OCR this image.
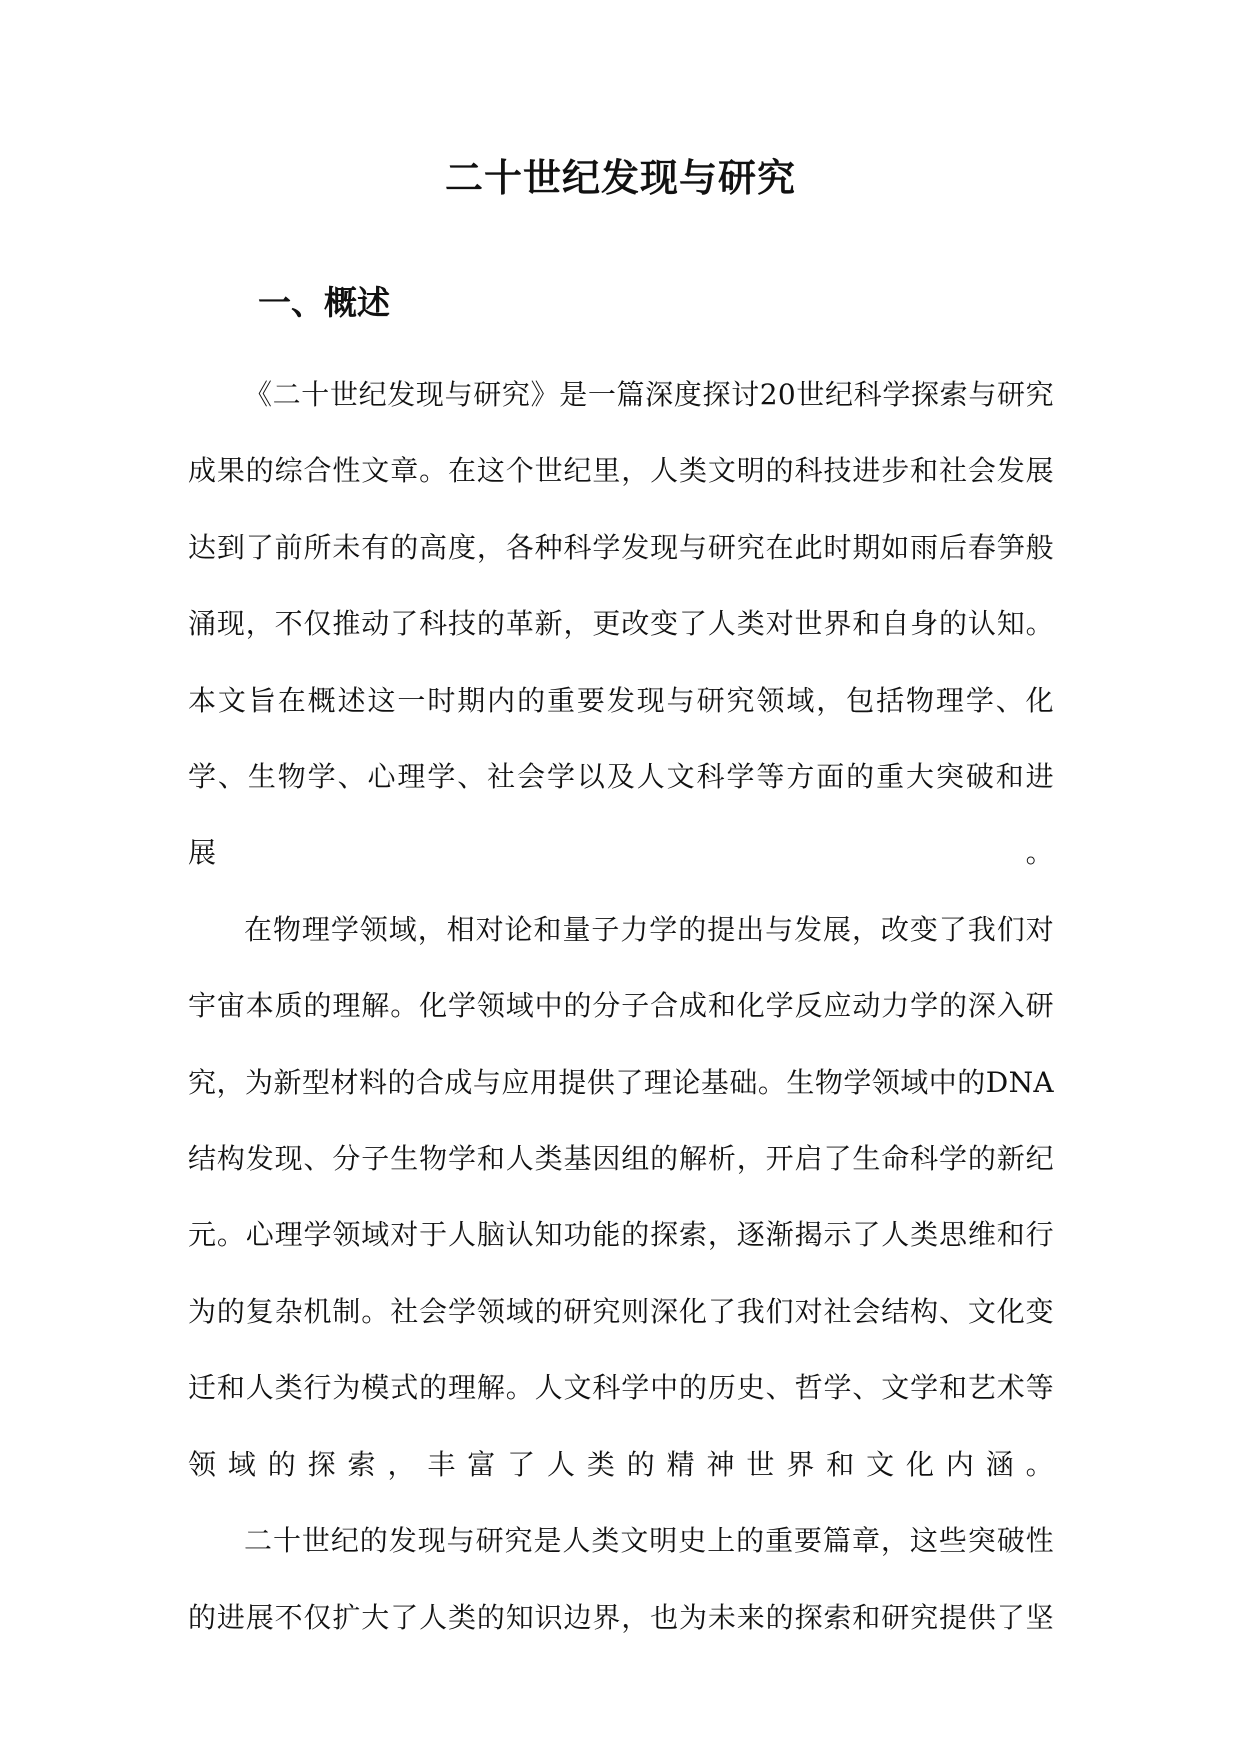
二十世纪发现与研究
一、概述

《二十世纪发现与研究》是一篇深度探讨20世纪科学探索与研究成果的综合性文章。在这个世纪里，人类文明的科技进步和社会发展达到了前所未有的高度，各种科学发现与研究在此时期如雨后春笋般涌现，不仅推动了科技的革新，更改变了人类对世界和自身的认知。本文旨在概述这一时期内的重要发现与研究领域，包括物理学、化学、生物学、心理学、社会学以及人文科学等方面的重大突破和进展。

在物理学领域，相对论和量子力学的提出与发展，改变了我们对宇宙本质的理解。化学领域中的分子合成和化学反应动力学的深入研究，为新型材料的合成与应用提供了理论基础。生物学领域中的DNA结构发现、分子生物学和人类基因组的解析，开启了生命科学的新纪元。心理学领域对于人脑认知功能的探索，逐渐揭示了人类思维和行为的复杂机制。社会学领域的研究则深化了我们对社会结构、文化变迁和人类行为模式的理解。人文科学中的历史、哲学、文学和艺术等领域的探索，丰富了人类的精神世界和文化内涵。

二十世纪的发现与研究是人类文明史上的重要篇章，这些突破性的进展不仅扩大了人类的知识边界，也为未来的探索和研究提供了坚
